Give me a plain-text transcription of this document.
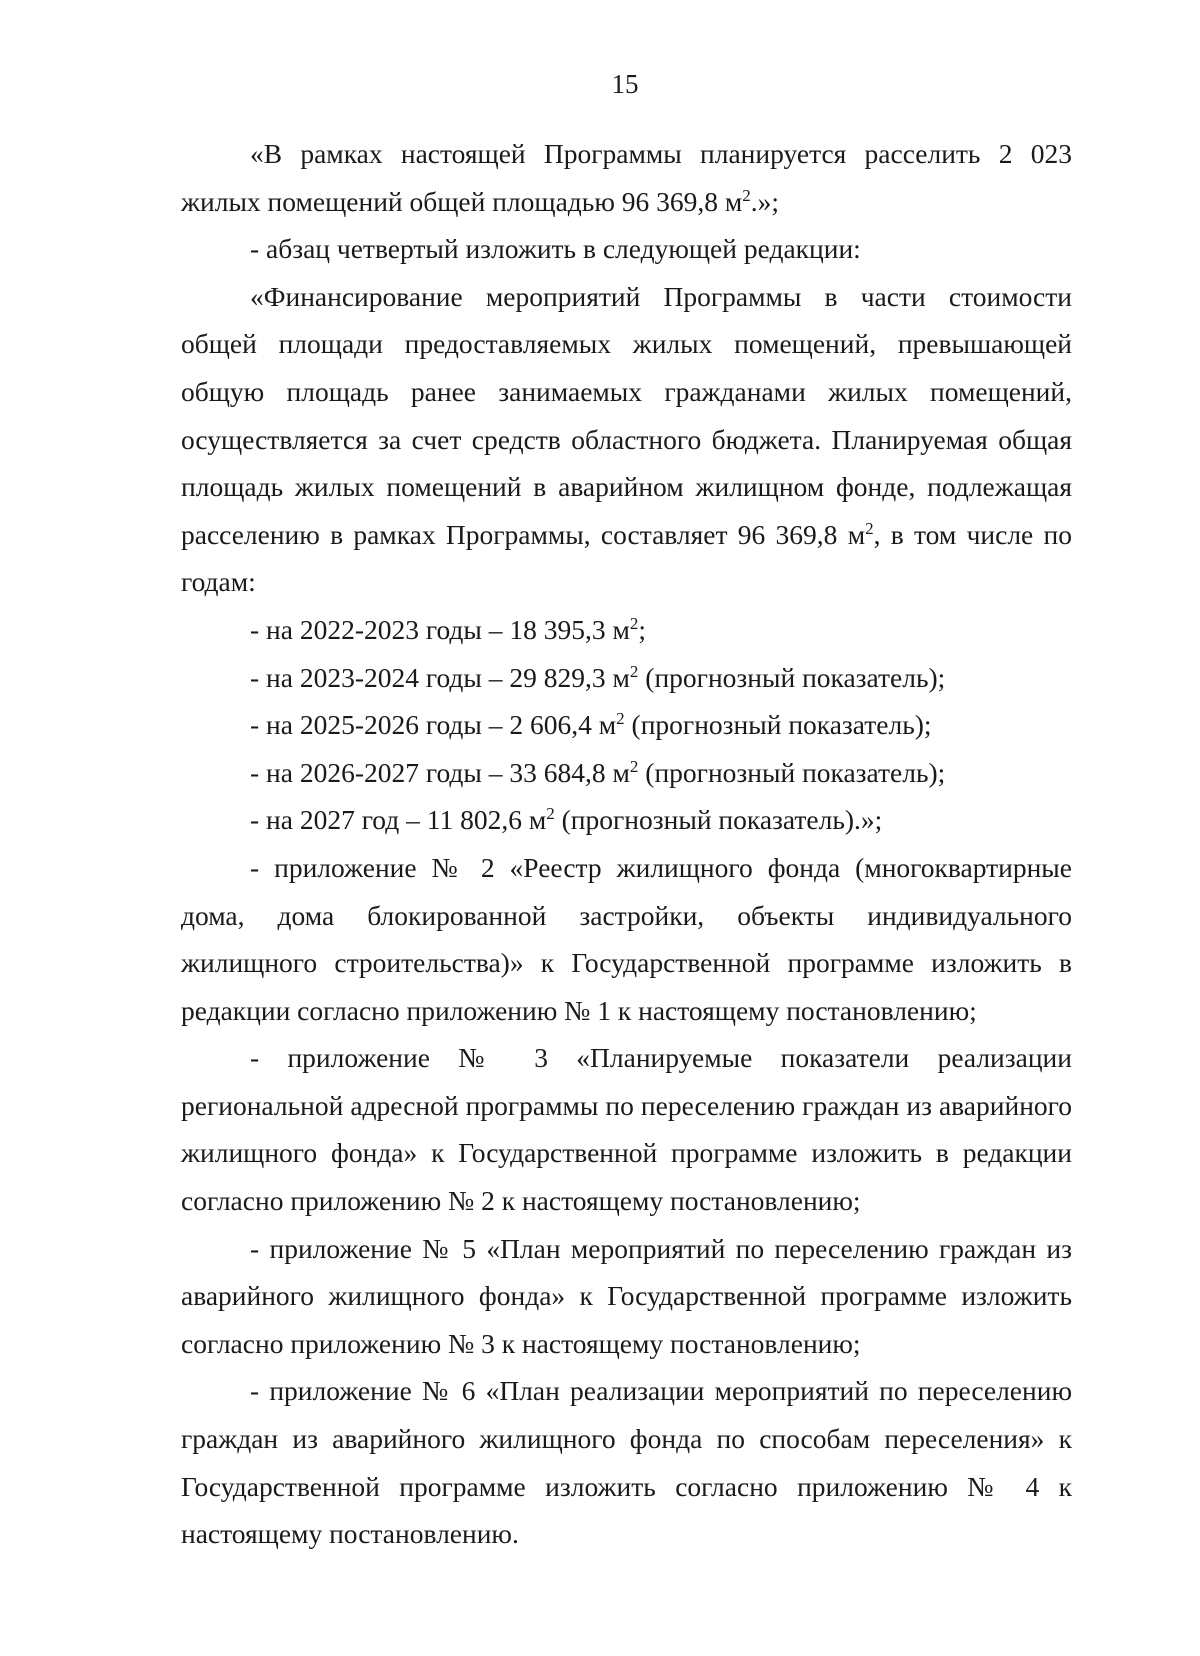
15

«В рамках настоящей Программы планируется расселить 2 023 жилых помещений общей площадью 96 369,8 $м^2$.»;

- абзац четвертый изложить в следующей редакции:

«Финансирование мероприятий Программы в части стоимости общей площади предоставляемых жилых помещений, превышающей общую площадь ранее занимаемых гражданами жилых помещений, осуществляется за счет средств областного бюджета. Планируемая общая площадь жилых помещений в аварийном жилищном фонде, подлежащая расселению в рамках Программы, составляет 96 369,8 $м^2$, в том числе по годам:

- на 2022-2023 годы – 18 395,3 $м^2$;

- на 2023-2024 годы – 29 829,3 $м^2$ (прогнозный показатель);

- на 2025-2026 годы – 2 606,4 $м^2$ (прогнозный показатель);

- на 2026-2027 годы – 33 684,8 $м^2$ (прогнозный показатель);

- на 2027 год – 11 802,6 $м^2$ (прогнозный показатель).»;

- приложение № 2 «Реестр жилищного фонда (многоквартирные дома, дома блокированной застройки, объекты индивидуального жилищного строительства)» к Государственной программе изложить в редакции согласно приложению № 1 к настоящему постановлению;

- приложение № 3 «Планируемые показатели реализации региональной адресной программы по переселению граждан из аварийного жилищного фонда» к Государственной программе изложить в редакции согласно приложению № 2 к настоящему постановлению;

- приложение № 5 «План мероприятий по переселению граждан из аварийного жилищного фонда» к Государственной программе изложить согласно приложению № 3 к настоящему постановлению;

- приложение № 6 «План реализации мероприятий по переселению граждан из аварийного жилищного фонда по способам переселения» к Государственной программе изложить согласно приложению № 4 к настоящему постановлению.
